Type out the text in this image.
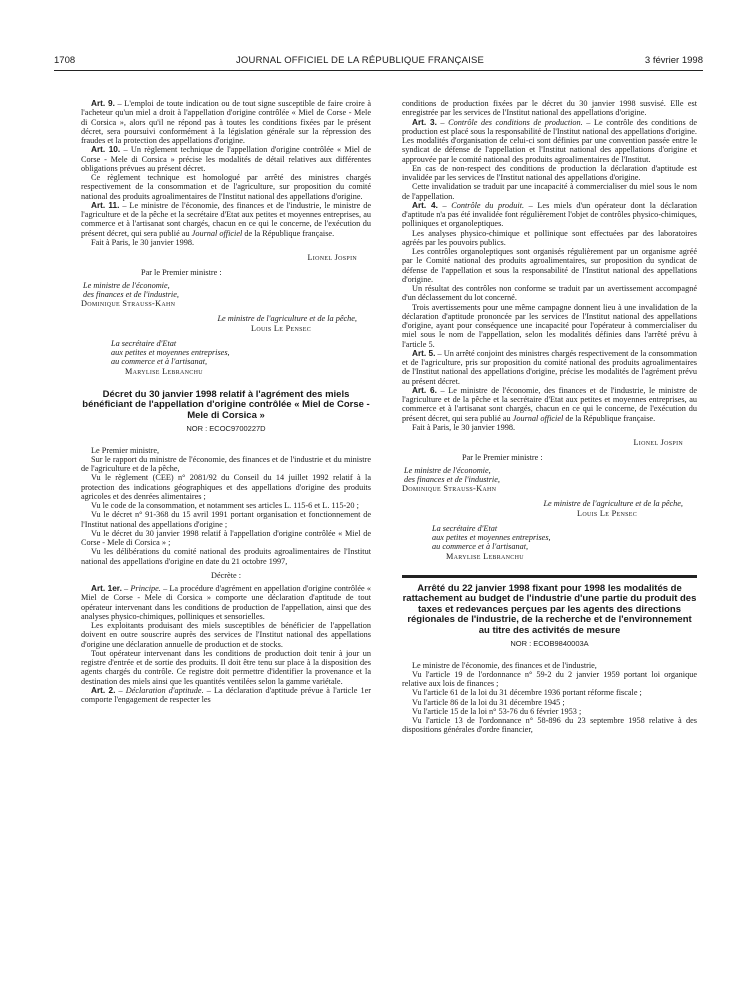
1708	JOURNAL OFFICIEL DE LA RÉPUBLIQUE FRANÇAISE	3 février 1998

Art. 9. – L'emploi de toute indication ou de tout signe susceptible de faire croire à l'acheteur qu'un miel a droit à l'appellation d'origine contrôlée « Miel de Corse - Mele di Corsica », alors qu'il ne répond pas à toutes les conditions fixées par le présent décret, sera poursuivi conformément à la législation générale sur la répression des fraudes et la protection des appellations d'origine.

Art. 10. – Un règlement technique de l'appellation d'origine contrôlée « Miel de Corse - Mele di Corsica » précise les modalités de détail relatives aux différentes obligations prévues au présent décret.

Ce règlement technique est homologué par arrêté des ministres chargés respectivement de la consommation et de l'agriculture, sur proposition du comité national des produits agroalimentaires de l'Institut national des appellations d'origine.

Art. 11. – Le ministre de l'économie, des finances et de l'industrie, le ministre de l'agriculture et de la pêche et la secrétaire d'Etat aux petites et moyennes entreprises, au commerce et à l'artisanat sont chargés, chacun en ce qui le concerne, de l'exécution du présent décret, qui sera publié au Journal officiel de la République française.

Fait à Paris, le 30 janvier 1998.

Lionel Jospin
Par le Premier ministre :
Le ministre de l'économie,
des finances et de l'industrie,
Dominique Strauss-Kahn
Le ministre de l'agriculture et de la pêche,
Louis Le Pensec
La secrétaire d'Etat
aux petites et moyennes entreprises,
au commerce et à l'artisanat,
Marylise Lebranchu
Décret du 30 janvier 1998 relatif à l'agrément des miels bénéficiant de l'appellation d'origine contrôlée « Miel de Corse - Mele di Corsica »
NOR : ECOC9700227D

Le Premier ministre,

Sur le rapport du ministre de l'économie, des finances et de l'industrie et du ministre de l'agriculture et de la pêche,

Vu le règlement (CEE) n° 2081/92 du Conseil du 14 juillet 1992 relatif à la protection des indications géographiques et des appellations d'origine des produits agricoles et des denrées alimentaires ;

Vu le code de la consommation, et notamment ses articles L. 115-6 et L. 115-20 ;

Vu le décret n° 91-368 du 15 avril 1991 portant organisation et fonctionnement de l'Institut national des appellations d'origine ;

Vu le décret du 30 janvier 1998 relatif à l'appellation d'origine contrôlée « Miel de Corse - Mele di Corsica » ;

Vu les délibérations du comité national des produits agroalimentaires de l'Institut national des appellations d'origine en date du 21 octobre 1997,

Décrète :

Art. 1er. – Principe. – La procédure d'agrément en appellation d'origine contrôlée « Miel de Corse - Mele di Corsica » comporte une déclaration d'aptitude de tout opérateur intervenant dans les conditions de production de l'appellation, ainsi que des analyses physico-chimiques, polliniques et sensorielles.

Les exploitants produisant des miels susceptibles de bénéficier de l'appellation doivent en outre souscrire auprès des services de l'Institut national des appellations d'origine une déclaration annuelle de production et de stocks.

Tout opérateur intervenant dans les conditions de production doit tenir à jour un registre d'entrée et de sortie des produits. Il doit être tenu sur place à la disposition des agents chargés du contrôle. Ce registre doit permettre d'identifier la provenance et la destination des miels ainsi que les quantités ventilées selon la gamme variétale.

Art. 2. – Déclaration d'aptitude. – La déclaration d'aptitude prévue à l'article 1er comporte l'engagement de respecter les

conditions de production fixées par le décret du 30 janvier 1998 susvisé. Elle est enregistrée par les services de l'Institut national des appellations d'origine.

Art. 3. – Contrôle des conditions de production. – Le contrôle des conditions de production est placé sous la responsabilité de l'Institut national des appellations d'origine. Les modalités d'organisation de celui-ci sont définies par une convention passée entre le syndicat de défense de l'appellation et l'Institut national des appellations d'origine et approuvée par le comité national des produits agroalimentaires de l'Institut.

En cas de non-respect des conditions de production la déclaration d'aptitude est invalidée par les services de l'Institut national des appellations d'origine.

Cette invalidation se traduit par une incapacité à commercialiser du miel sous le nom de l'appellation.

Art. 4. – Contrôle du produit. – Les miels d'un opérateur dont la déclaration d'aptitude n'a pas été invalidée font régulièrement l'objet de contrôles physico-chimiques, polliniques et organoleptiques.

Les analyses physico-chimique et pollinique sont effectuées par des laboratoires agréés par les pouvoirs publics.

Les contrôles organoleptiques sont organisés régulièrement par un organisme agréé par le Comité national des produits agroalimentaires, sur proposition du syndicat de défense de l'appellation et sous la responsabilité de l'Institut national des appellations d'origine.

Un résultat des contrôles non conforme se traduit par un avertissement accompagné d'un déclassement du lot concerné.

Trois avertissements pour une même campagne donnent lieu à une invalidation de la déclaration d'aptitude prononcée par les services de l'Institut national des appellations d'origine, ayant pour conséquence une incapacité pour l'opérateur à commercialiser du miel sous le nom de l'appellation, selon les modalités définies dans l'arrêté prévu à l'article 5.

Art. 5. – Un arrêté conjoint des ministres chargés respectivement de la consommation et de l'agriculture, pris sur proposition du comité national des produits agroalimentaires de l'Institut national des appellations d'origine, précise les modalités de l'agrément prévu au présent décret.

Art. 6. – Le ministre de l'économie, des finances et de l'industrie, le ministre de l'agriculture et de la pêche et la secrétaire d'Etat aux petites et moyennes entreprises, au commerce et à l'artisanat sont chargés, chacun en ce qui le concerne, de l'exécution du présent décret, qui sera publié au Journal officiel de la République française.

Fait à Paris, le 30 janvier 1998.

Lionel Jospin
Par le Premier ministre :
Le ministre de l'économie,
des finances et de l'industrie,
Dominique Strauss-Kahn
Le ministre de l'agriculture et de la pêche,
Louis Le Pensec
La secrétaire d'Etat
aux petites et moyennes entreprises,
au commerce et à l'artisanat,
Marylise Lebranchu
Arrêté du 22 janvier 1998 fixant pour 1998 les modalités de rattachement au budget de l'industrie d'une partie du produit des taxes et redevances perçues par les agents des directions régionales de l'industrie, de la recherche et de l'environnement au titre des activités de mesure
NOR : ECOB9840003A

Le ministre de l'économie, des finances et de l'industrie,

Vu l'article 19 de l'ordonnance n° 59-2 du 2 janvier 1959 portant loi organique relative aux lois de finances ;

Vu l'article 61 de la loi du 31 décembre 1936 portant réforme fiscale ;

Vu l'article 86 de la loi du 31 décembre 1945 ;

Vu l'article 15 de la loi n° 53-76 du 6 février 1953 ;

Vu l'article 13 de l'ordonnance n° 58-896 du 23 septembre 1958 relative à des dispositions générales d'ordre financier,
